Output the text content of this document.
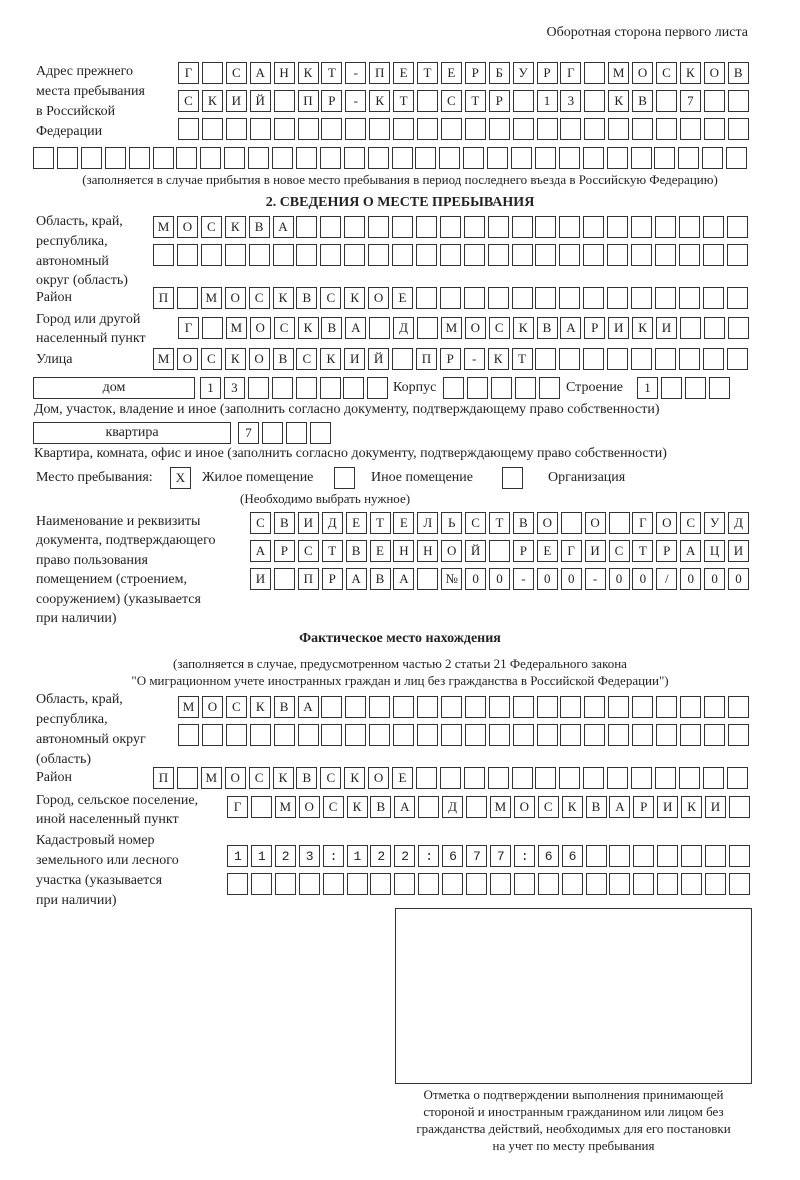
Оборотная сторона первого листа
Адрес прежнего
места пребывания
в Российской
Федерации
Г	С	А	Н	К	Т	-	П	Е	Т	Е	Р	Б	У	Р	Г	М	О	С	К	О	В
С	К	И	Й	П	Р	-	К	Т	С	Т	Р	1	3	К	В	7
(заполняется в случае прибытия в новое место пребывания в период последнего въезда в Российскую Федерацию)
2. СВЕДЕНИЯ О МЕСТЕ ПРЕБЫВАНИЯ
Область, край,
республика,
автономный
округ (область)
М	О	С	К	В	А
Район	П	М	О	С	К	В	С	К	О	Е
Город или другой
населенный пункт
Г	М	О	С	К	В	А	Д	М	О	С	К	В	А	Р	И	К	И
Улица	М	О	С	К	О	В	С	К	И	Й	П	Р	-	К	Т
дом	1	3	Корпус	Строение	1
Дом, участок, владение и иное (заполнить согласно документу, подтверждающему право собственности)
квартира	7
Квартира, комната, офис и иное (заполнить согласно документу, подтверждающему право собственности)
Место пребывания:	X	Жилое помещение	Иное помещение	Организация
(Необходимо выбрать нужное)
Наименование и реквизиты
документа, подтверждающего
право пользования
помещением (строением,
сооружением) (указывается
при наличии)
С	В	И	Д	Е	Т	Е	Л	Ь	С	Т	В	О	О	Г	О	С	У	Д
А	Р	С	Т	В	Е	Н	Н	О	Й	Р	Е	Г	И	С	Т	Р	А	Ц	И
И	П	Р	А	В	А	№	0	0	-	0	0	-	0	0	/	0	0	0
Фактическое место нахождения
(заполняется в случае, предусмотренном частью 2 статьи 21 Федерального закона
"О миграционном учете иностранных граждан и лиц без гражданства в Российской Федерации")
Область, край,
республика,
автономный округ
(область)
М	О	С	К	В	А
Район	П	М	О	С	К	В	С	К	О	Е
Город, сельское поселение,
иной населенный пункт
Г	М	О	С	К	В	А	Д	М	О	С	К	В	А	Р	И	К	И
Кадастровый номер
земельного или лесного
участка (указывается
при наличии)
1123:122:677:66
Отметка о подтверждении выполнения принимающей
стороной и иностранным гражданином или лицом без
гражданства действий, необходимых для его постановки
на учет по месту пребывания
